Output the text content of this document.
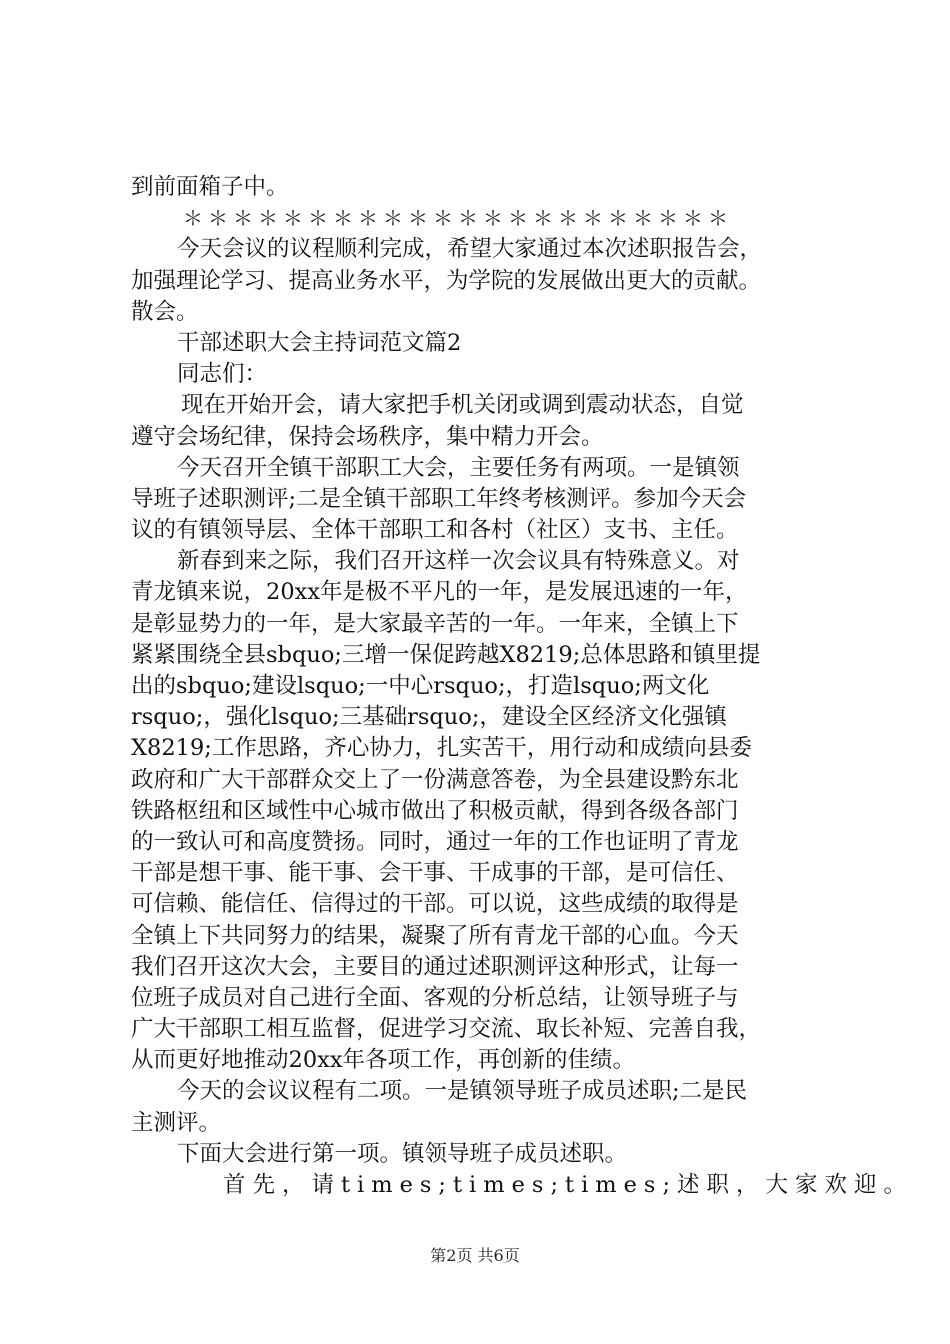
到前面箱子中。
＊＊＊＊＊＊＊＊＊＊＊＊＊＊＊＊＊＊＊＊＊＊
今天会议的议程顺利完成，希望大家通过本次述职报告会，
加强理论学习、提高业务水平，为学院的发展做出更大的贡献。
散会。
干部述职大会主持词范文篇2
同志们：
现在开始开会，请大家把手机关闭或调到震动状态，自觉
遵守会场纪律，保持会场秩序，集中精力开会。
今天召开全镇干部职工大会，主要任务有两项。一是镇领
导班子述职测评;二是全镇干部职工年终考核测评。参加今天会
议的有镇领导层、全体干部职工和各村（社区）支书、主任。
新春到来之际，我们召开这样一次会议具有特殊意义。对
青龙镇来说，20xx年是极不平凡的一年，是发展迅速的一年，
是彰显势力的一年，是大家最辛苦的一年。一年来，全镇上下
紧紧围绕全县sbquo;三增一保促跨越X8219;总体思路和镇里提
出的sbquo;建设lsquo;一中心rsquo;，打造lsquo;两文化
rsquo;，强化lsquo;三基础rsquo;，建设全区经济文化强镇
X8219;工作思路，齐心协力，扎实苦干，用行动和成绩向县委
政府和广大干部群众交上了一份满意答卷，为全县建设黔东北
铁路枢纽和区域性中心城市做出了积极贡献，得到各级各部门
的一致认可和高度赞扬。同时，通过一年的工作也证明了青龙
干部是想干事、能干事、会干事、干成事的干部，是可信任、
可信赖、能信任、信得过的干部。可以说，这些成绩的取得是
全镇上下共同努力的结果，凝聚了所有青龙干部的心血。今天
我们召开这次大会，主要目的通过述职测评这种形式，让每一
位班子成员对自己进行全面、客观的分析总结，让领导班子与
广大干部职工相互监督，促进学习交流、取长补短、完善自我，
从而更好地推动20xx年各项工作，再创新的佳绩。
今天的会议议程有二项。一是镇领导班子成员述职;二是民
主测评。
下面大会进行第一项。镇领导班子成员述职。
首先，请times;times;times;述职，大家欢迎。
第2页 共6页
